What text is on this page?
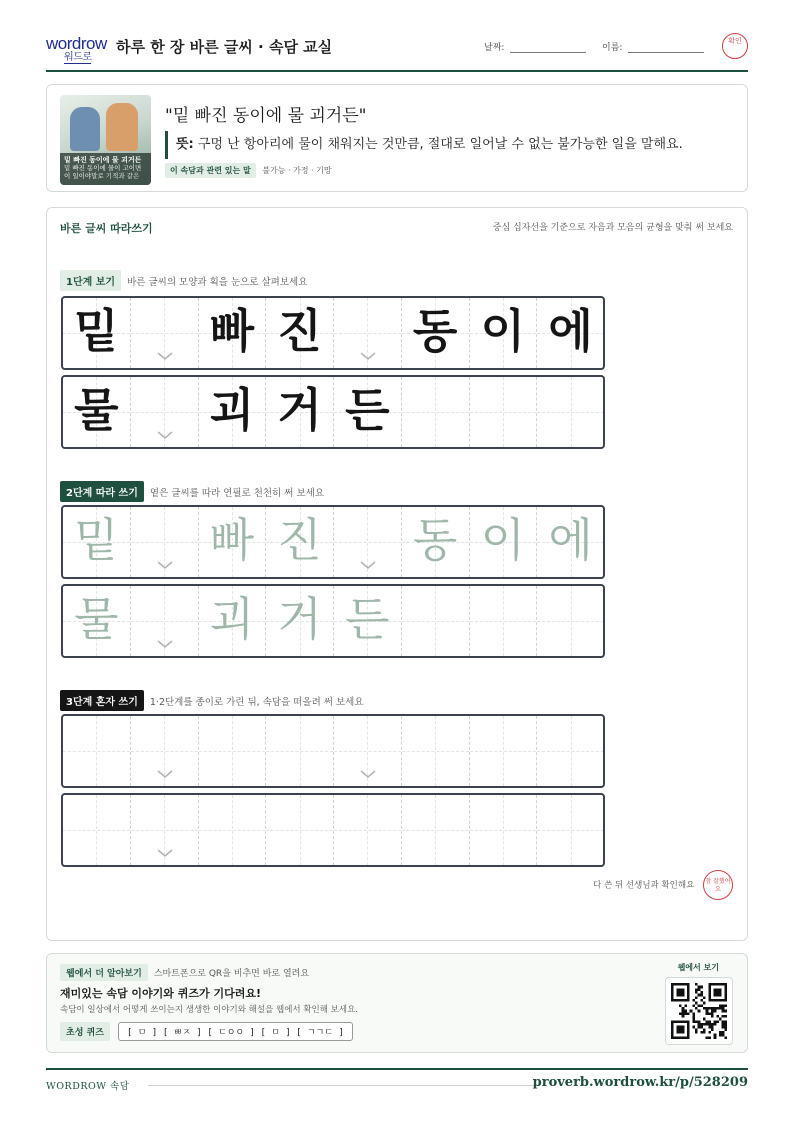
wordrow
워드로
하루 한 장 바른 글씨 · 속담 교실	날짜:	이름:
확인
밑 빠진 동이에 물 괴거든
밑 빠진 동이에 물이 고이면
이 일이야말로 기적과 같은
"밑 빠진 동이에 물 괴거든"
뜻: 구멍 난 항아리에 물이 채워지는 것만큼, 절대로 일어날 수 없는 불가능한 일을 말해요.
이 속담과 관련 있는 말 불가능 · 가정 · 기망
바른 글씨 따라쓰기	중심 십자선을 기준으로 자음과 모음의 균형을 맞춰 써 보세요
1단계 보기 바른 글씨의 모양과 획을 눈으로 살펴보세요
밑 빠 진 동 이 에
물 괴 거 든
2단계 따라 쓰기 옅은 글씨를 따라 연필로 천천히 써 보세요
밑 빠 진 동 이 에
물 괴 거 든
3단계 혼자 쓰기 1·2단계를 종이로 가린 뒤, 속담을 떠올려 써 보세요
다 쓴 뒤 선생님과 확인해요 참 잘했어요
웹에서 더 알아보기 스마트폰으로 QR을 비추면 바로 열려요
재미있는 속담 이야기와 퀴즈가 기다려요!
속담이 일상에서 어떻게 쓰이는지 생생한 이야기와 해설을 웹에서 확인해 보세요.
초성 퀴즈	[ ㅁ ] [ ㅃㅈ ] [ ㄷㅇㅇ ] [ ㅁ ] [ ㄱㄱㄷ ]
웹에서 보기
WORDROW 속담	proverb.wordrow.kr/p/528209
